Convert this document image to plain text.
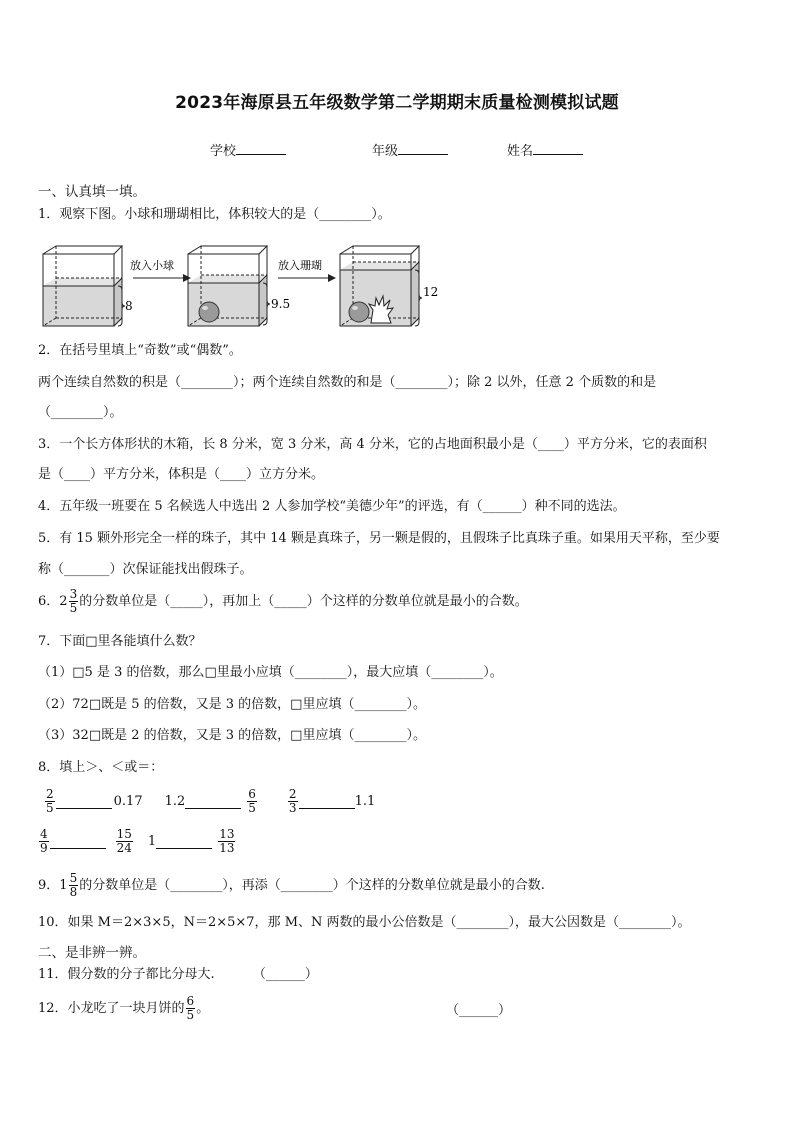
2023年海原县五年级数学第二学期期末质量检测模拟试题
学校	年级	姓名
一、认真填一填。
1．观察下图。小球和珊瑚相比，体积较大的是（________）。
8
放入小球
9.5
放入珊瑚
12
2．在括号里填上“奇数”或“偶数”。
两个连续自然数的积是（________）；两个连续自然数的和是（________）；除 2 以外，任意 2 个质数的和是
（________）。
3．一个长方体形状的木箱，长 8 分米，宽 3 分米，高 4 分米，它的占地面积最小是（____）平方分米，它的表面积
是（____）平方分米，体积是（____）立方分米。
4．五年级一班要在 5 名候选人中选出 2 人参加学校“美德少年”的评选，有（______）种不同的选法。
5．有 15 颗外形完全一样的珠子，其中 14 颗是真珠子，另一颗是假的，且假珠子比真珠子重。如果用天平称，至少要
称（_______）次保证能找出假珠子。
6． $2 \frac{3}{5}$ 的分数单位是（_____），再加上（_____）个这样的分数单位就是最小的合数。
7．下面□里各能填什么数？
（1）□5 是 3 的倍数，那么□里最小应填（________），最大应填（________）。
（2）72□既是 5 的倍数，又是 3 的倍数，□里应填（________）。
（3）32□既是 2 的倍数，又是 3 的倍数，□里应填（________）。
8．填上＞、＜或＝：
$\frac{2}{5}$	0.17 1.2	$\frac{6}{5}$	$\frac{2}{3}$	1.1
$\frac{4}{9}$	$\frac{15}{24} 1$	$\frac{13}{13}$
9． $1 \frac{5}{8}$ 的分数单位是（________），再添（________）个这样的分数单位就是最小的合数.
10．如果 M＝2×3×5，N＝2×5×7，那 M、N 两数的最小公倍数是（________），最大公因数是（________）。
二、是非辨一辨。
11．假分数的分子都比分母大.	（______）
12．小龙吃了一块月饼的 $\frac{6}{5}$ 。	（______）
